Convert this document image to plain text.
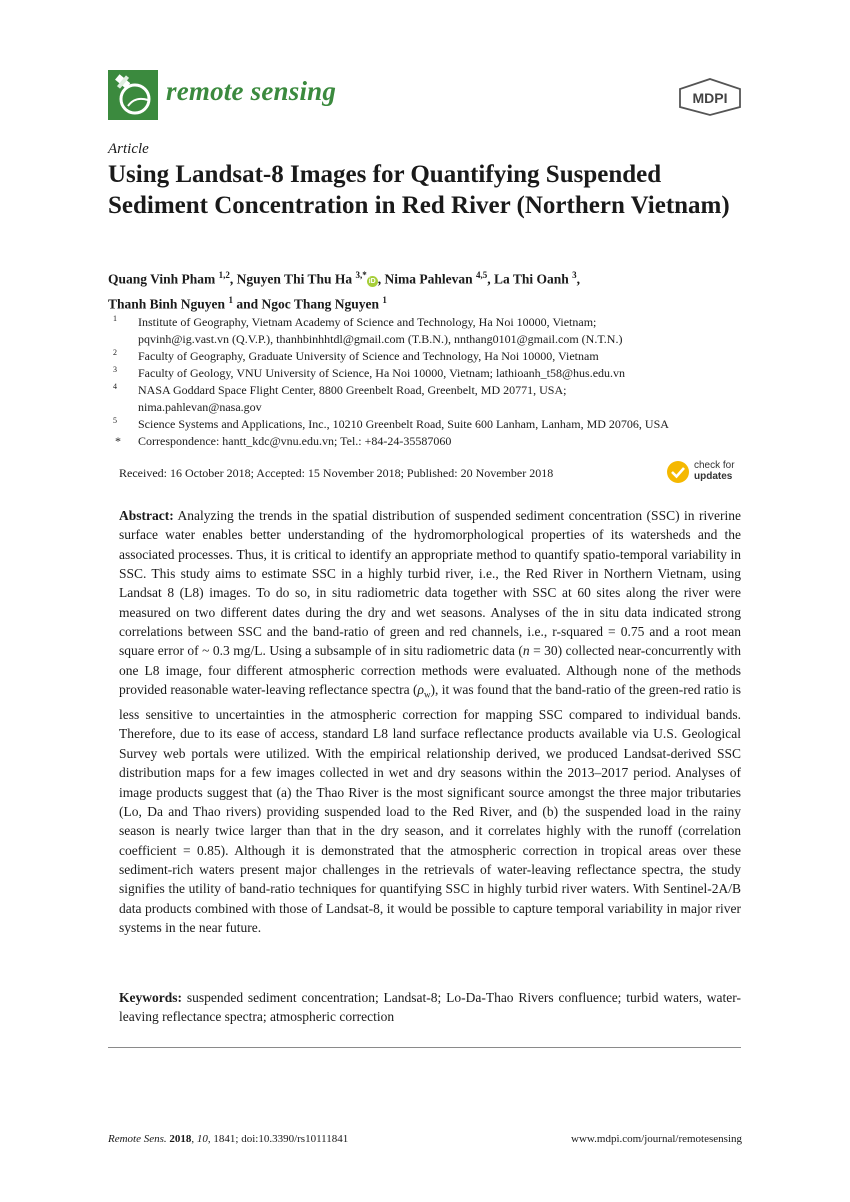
remote sensing	MDPI
Article
Using Landsat-8 Images for Quantifying Suspended Sediment Concentration in Red River (Northern Vietnam)
Quang Vinh Pham $^{1,2}$, Nguyen Thi Thu Ha $^{3,*}$iD , Nima Pahlevan $^{4,5}$, La Thi Oanh $^3$,
Thanh Binh Nguyen $^1$ and Ngoc Thang Nguyen $^1$
1 Institute of Geography, Vietnam Academy of Science and Technology, Ha Noi 10000, Vietnam;
pqvinh@ig.vast.vn (Q.V.P.), thanhbinhhtdl@gmail.com (T.B.N.), nnthang0101@gmail.com (N.T.N.)
2 Faculty of Geography, Graduate University of Science and Technology, Ha Noi 10000, Vietnam
3 Faculty of Geology, VNU University of Science, Ha Noi 10000, Vietnam; lathioanh_t58@hus.edu.vn
4 NASA Goddard Space Flight Center, 8800 Greenbelt Road, Greenbelt, MD 20771, USA;
nima.pahlevan@nasa.gov
5 Science Systems and Applications, Inc., 10210 Greenbelt Road, Suite 600 Lanham, Lanham, MD 20706, USA
* Correspondence: hantt_kdc@vnu.edu.vn; Tel.: +84-24-35587060
Received: 16 October 2018; Accepted: 15 November 2018; Published: 20 November 2018
check for
updates
Abstract: Analyzing the trends in the spatial distribution of suspended sediment concentration (SSC) in riverine surface water enables better understanding of the hydromorphological properties of its watersheds and the associated processes. Thus, it is critical to identify an appropriate method to quantify spatio-temporal variability in SSC. This study aims to estimate SSC in a highly turbid river, i.e., the Red River in Northern Vietnam, using Landsat 8 (L8) images. To do so, in situ radiometric data together with SSC at 60 sites along the river were measured on two different dates during the dry and wet seasons. Analyses of the in situ data indicated strong correlations between SSC and the band-ratio of green and red channels, i.e., r-squared = 0.75 and a root mean square error of ~ 0.3 mg/L. Using a subsample of in situ radiometric data (n = 30) collected near-concurrently with one L8 image, four different atmospheric correction methods were evaluated. Although none of the methods provided reasonable water-leaving reflectance spectra $(\rho_w)$, it was found that the band-ratio of the green-red ratio is less sensitive to uncertainties in the atmospheric correction for mapping SSC compared to individual bands. Therefore, due to its ease of access, standard L8 land surface reflectance products available via U.S. Geological Survey web portals were utilized. With the empirical relationship derived, we produced Landsat-derived SSC distribution maps for a few images collected in wet and dry seasons within the 2013–2017 period. Analyses of image products suggest that (a) the Thao River is the most significant source amongst the three major tributaries (Lo, Da and Thao rivers) providing suspended load to the Red River, and (b) the suspended load in the rainy season is nearly twice larger than that in the dry season, and it correlates highly with the runoff (correlation coefficient = 0.85). Although it is demonstrated that the atmospheric correction in tropical areas over these sediment-rich waters present major challenges in the retrievals of water-leaving reflectance spectra, the study signifies the utility of band-ratio techniques for quantifying SSC in highly turbid river waters. With Sentinel-2A/B data products combined with those of Landsat-8, it would be possible to capture temporal variability in major river systems in the near future.
Keywords: suspended sediment concentration; Landsat-8; Lo-Da-Thao Rivers confluence; turbid waters, water-leaving reflectance spectra; atmospheric correction
Remote Sens. 2018, 10, 1841; doi:10.3390/rs10111841	www.mdpi.com/journal/remotesensing
